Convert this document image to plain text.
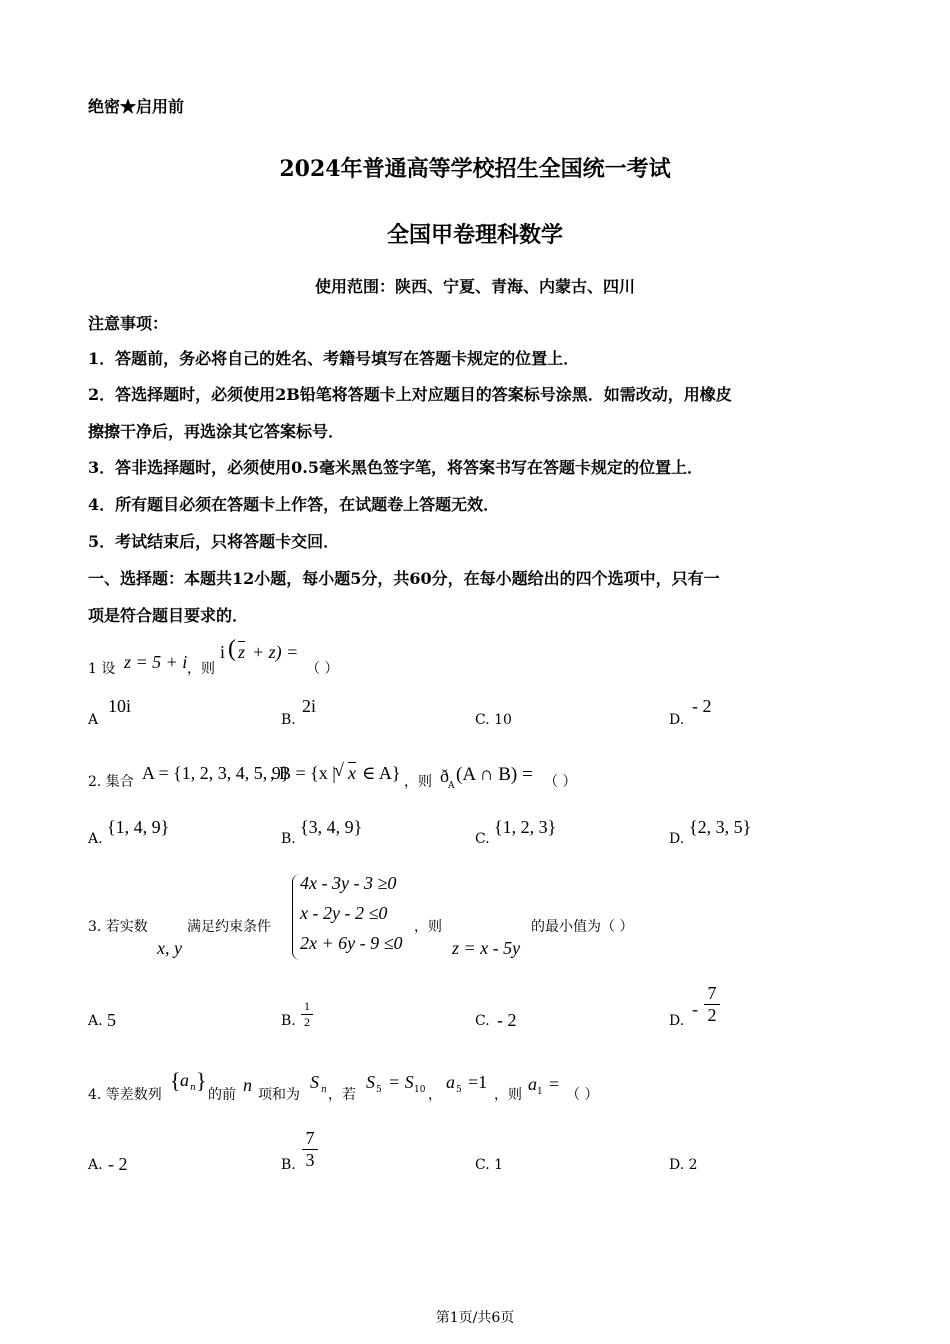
绝密★启用前
2024年普通高等学校招生全国统一考试
全国甲卷理科数学
使用范围：陕西、宁夏、青海、内蒙古、四川
注意事项：
1．答题前，务必将自己的姓名、考籍号填写在答题卡规定的位置上．
2．答选择题时，必须使用2B铅笔将答题卡上对应题目的答案标号涂黑．如需改动，用橡皮
擦擦干净后，再选涂其它答案标号．
3．答非选择题时，必须使用0.5毫米黑色签字笔，将答案书写在答题卡规定的位置上．
4．所有题目必须在答题卡上作答，在试题卷上答题无效．
5．考试结束后，只将答题卡交回．
一、选择题：本题共12小题，每小题5分，共60分，在每小题给出的四个选项中，只有一
项是符合题目要求的．
1 设 z = 5 + i ，则
i ( $\overline{z} + z$) =
（ ）
A
10i
B.
2i
C. 10	D.
- 2
2. 集合 A = {1, 2, 3, 4, 5, 9}
, B = {x |
√ x ∈ A} ，则 ð A
(A ∩ B) = （ ）
A.
{1, 4, 9}
B.
{3, 4, 9}
C.
{1, 2, 3}
D.
{2, 3, 5}
3. 若实数
x, y
满足约束条件
4x - 3y - 3 ≥0
x - 2y - 2 ≤0
2x + 6y - 9 ≤0
，则
z = x - 5y
的最小值为（ ）
A. 5	B.
1
2	C. - 2	D.
-
7
2
4. 等差数列
{ a n }
的前 n 项和为
S n ，若
S 5 = S 10 ，
a 5 =1
，则
a 1 =
（ ）
A. - 2	B.
7
3	C. 1	D. 2
第1页/共6页
